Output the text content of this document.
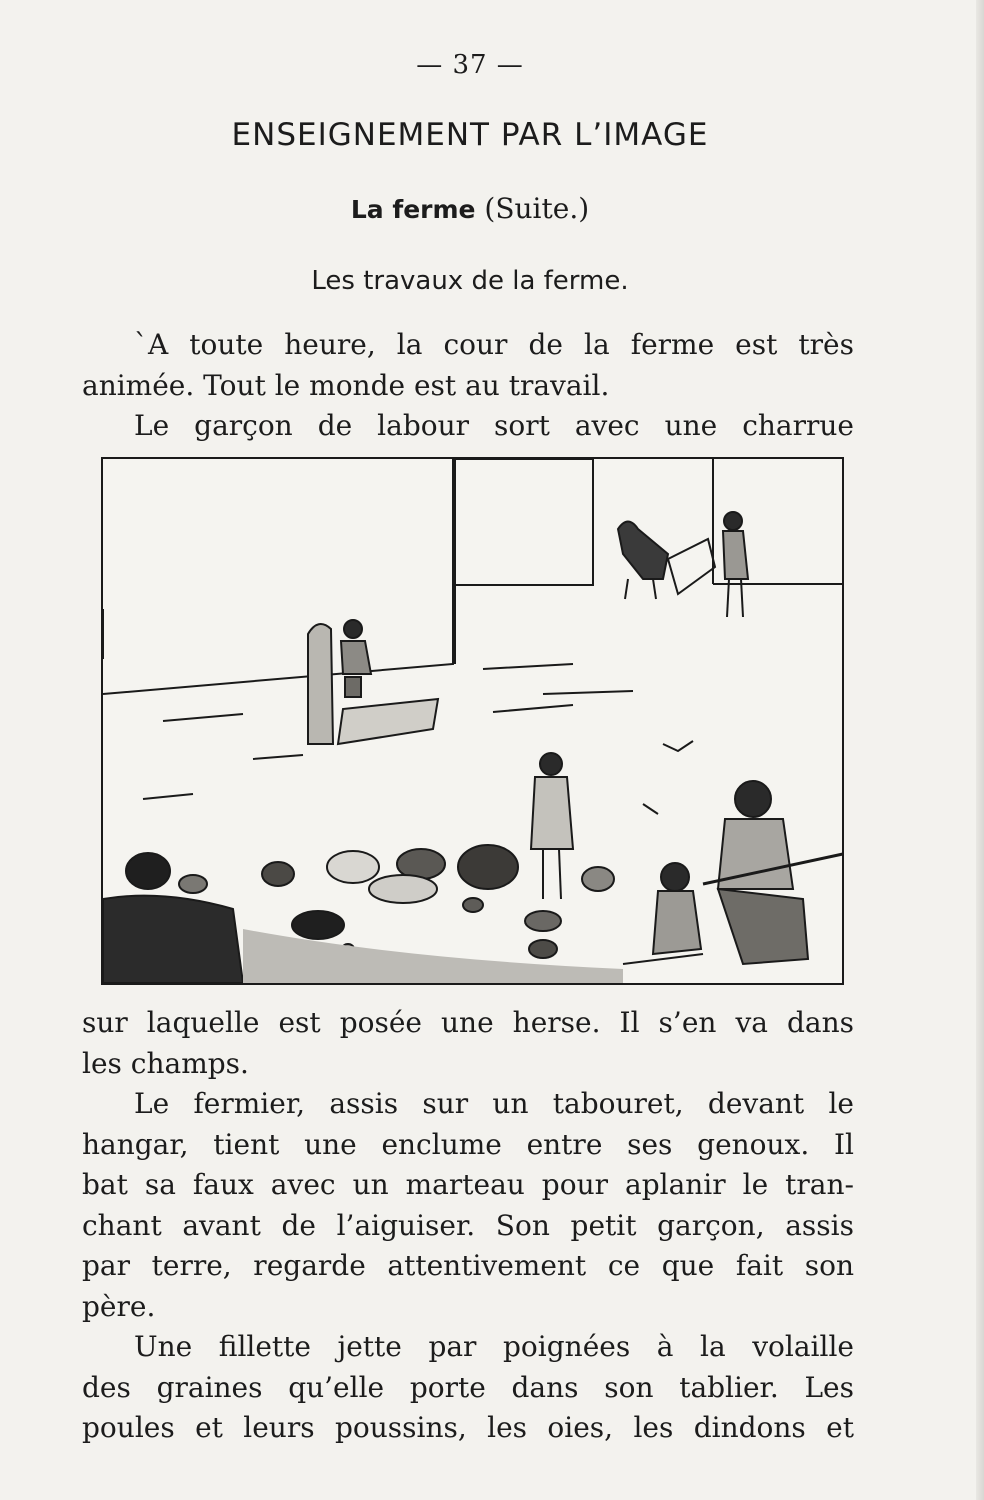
— 37 —
ENSEIGNEMENT PAR L’IMAGE
La ferme (Suite.)
Les travaux de la ferme.
`A toute heure, la cour de la ferme est très
animée. Tout le monde est au travail.
Le garçon de labour sort avec une charrue
sur laquelle est posée une herse. Il s’en va dans
les champs.
Le fermier, assis sur un tabouret, devant le
hangar, tient une enclume entre ses genoux. Il
bat sa faux avec un marteau pour aplanir le tran-
chant avant de l’aiguiser. Son petit garçon, assis
par terre, regarde attentivement ce que fait son
père.
Une fillette jette par poignées à la volaille
des graines qu’elle porte dans son tablier. Les
poules et leurs poussins, les oies, les dindons et
